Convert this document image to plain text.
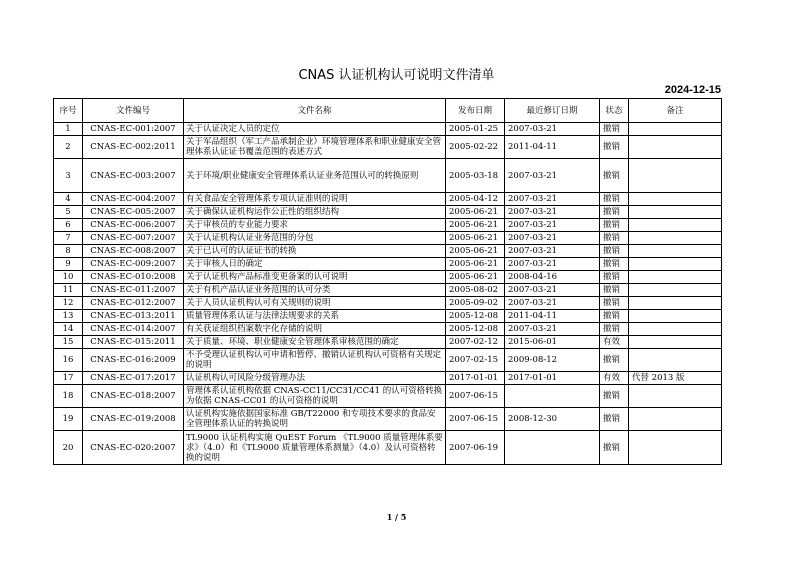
CNAS 认证机构认可说明文件清单
2024-12-15
序号	文件编号	文件名称	发布日期	最近修订日期	状态	备注
1	CNAS-EC-001:2007	关于认证决定人员的定位	2005-01-25	2007-03-21	撤销	
2	CNAS-EC-002:2011	关于军品组织（军工产品承制企业）环境管理体系和职业健康安全管理体系认证证书覆盖范围的表述方式	2005-02-22	2011-04-11	撤销	
3	CNAS-EC-003:2007	关于环境/职业健康安全管理体系认证业务范围认可的转换原则	2005-03-18	2007-03-21	撤销	
4	CNAS-EC-004:2007	有关食品安全管理体系专项认证准则的说明	2005-04-12	2007-03-21	撤销	
5	CNAS-EC-005:2007	关于确保认证机构运作公正性的组织结构	2005-06-21	2007-03-21	撤销	
6	CNAS-EC-006:2007	关于审核员的专业能力要求	2005-06-21	2007-03-21	撤销	
7	CNAS-EC-007:2007	关于认证机构认证业务范围的分包	2005-06-21	2007-03-21	撤销	
8	CNAS-EC-008:2007	关于已认可的认证证书的转换	2005-06-21	2007-03-21	撤销	
9	CNAS-EC-009:2007	关于审核人日的确定	2005-06-21	2007-03-21	撤销	
10	CNAS-EC-010:2008	关于认证机构产品标准变更备案的认可说明	2005-06-21	2008-04-16	撤销	
11	CNAS-EC-011:2007	关于有机产品认证业务范围的认可分类	2005-08-02	2007-03-21	撤销	
12	CNAS-EC-012:2007	关于人员认证机构认可有关规则的说明	2005-09-02	2007-03-21	撤销	
13	CNAS-EC-013:2011	质量管理体系认证与法律法规要求的关系	2005-12-08	2011-04-11	撤销	
14	CNAS-EC-014:2007	有关获证组织档案数字化存储的说明	2005-12-08	2007-03-21	撤销	
15	CNAS-EC-015:2011	关于质量、环境、职业健康安全管理体系审核范围的确定	2007-02-12	2015-06-01	有效	
16	CNAS-EC-016:2009	不予受理认证机构认可申请和暂停、撤销认证机构认可资格有关规定的说明	2007-02-15	2009-08-12	撤销	
17	CNAS-EC-017:2017	认证机构认可风险分级管理办法	2017-01-01	2017-01-01	有效	代替 2013 版
18	CNAS-EC-018:2007	管理体系认证机构依据 CNAS-CC11/CC31/CC41 的认可资格转换为依据 CNAS-CC01 的认可资格的说明	2007-06-15		撤销	
19	CNAS-EC-019:2008	认证机构实施依据国家标准 GB/T22000 和专项技术要求的食品安全管理体系认证的转换说明	2007-06-15	2008-12-30	撤销	
20	CNAS-EC-020:2007	TL9000 认证机构实施 QuEST Forum 《TL9000 质量管理体系要求》（4.0）和《TL9000 质量管理体系测量》（4.0）及认可资格转换的说明	2007-06-19		撤销	
1 / 5
